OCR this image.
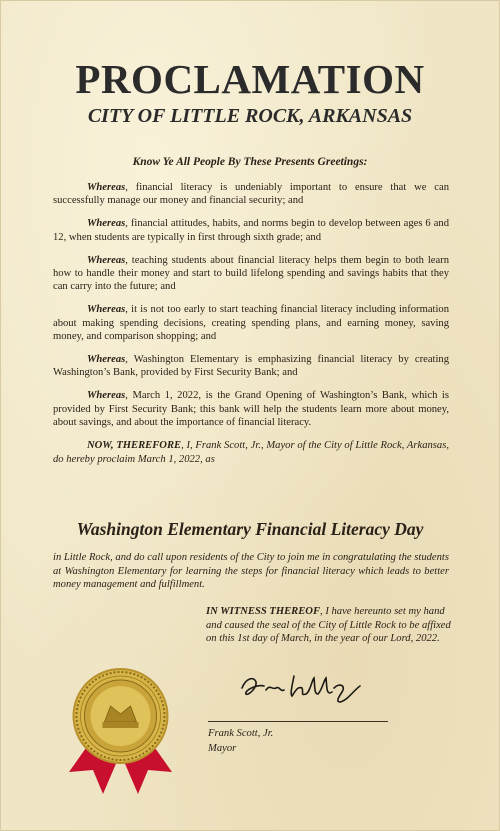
PROCLAMATION
CITY OF LITTLE ROCK, ARKANSAS
Know Ye All People By These Presents Greetings:

Whereas, financial literacy is undeniably important to ensure that we can successfully manage our money and financial security; and

Whereas, financial attitudes, habits, and norms begin to develop between ages 6 and 12, when students are typically in first through sixth grade; and

Whereas, teaching students about financial literacy helps them begin to both learn how to handle their money and start to build lifelong spending and savings habits that they can carry into the future; and

Whereas, it is not too early to start teaching financial literacy including information about making spending decisions, creating spending plans, and earning money, saving money, and comparison shopping; and

Whereas, Washington Elementary is emphasizing financial literacy by creating Washington’s Bank, provided by First Security Bank; and

Whereas, March 1, 2022, is the Grand Opening of Washington’s Bank, which is provided by First Security Bank; this bank will help the students learn more about money, about savings, and about the importance of financial literacy.

NOW, THEREFORE, I, Frank Scott, Jr., Mayor of the City of Little Rock, Arkansas, do hereby proclaim March 1, 2022, as

Washington Elementary Financial Literacy Day
in Little Rock, and do call upon residents of the City to join me in congratulating the students at Washington Elementary for learning the steps for financial literacy which leads to better money management and fulfillment.
IN WITNESS THEREOF, I have hereunto set my hand and caused the seal of the City of Little Rock to be affixed on this 1st day of March, in the year of our Lord, 2022.
Frank Scott, Jr.
Mayor
